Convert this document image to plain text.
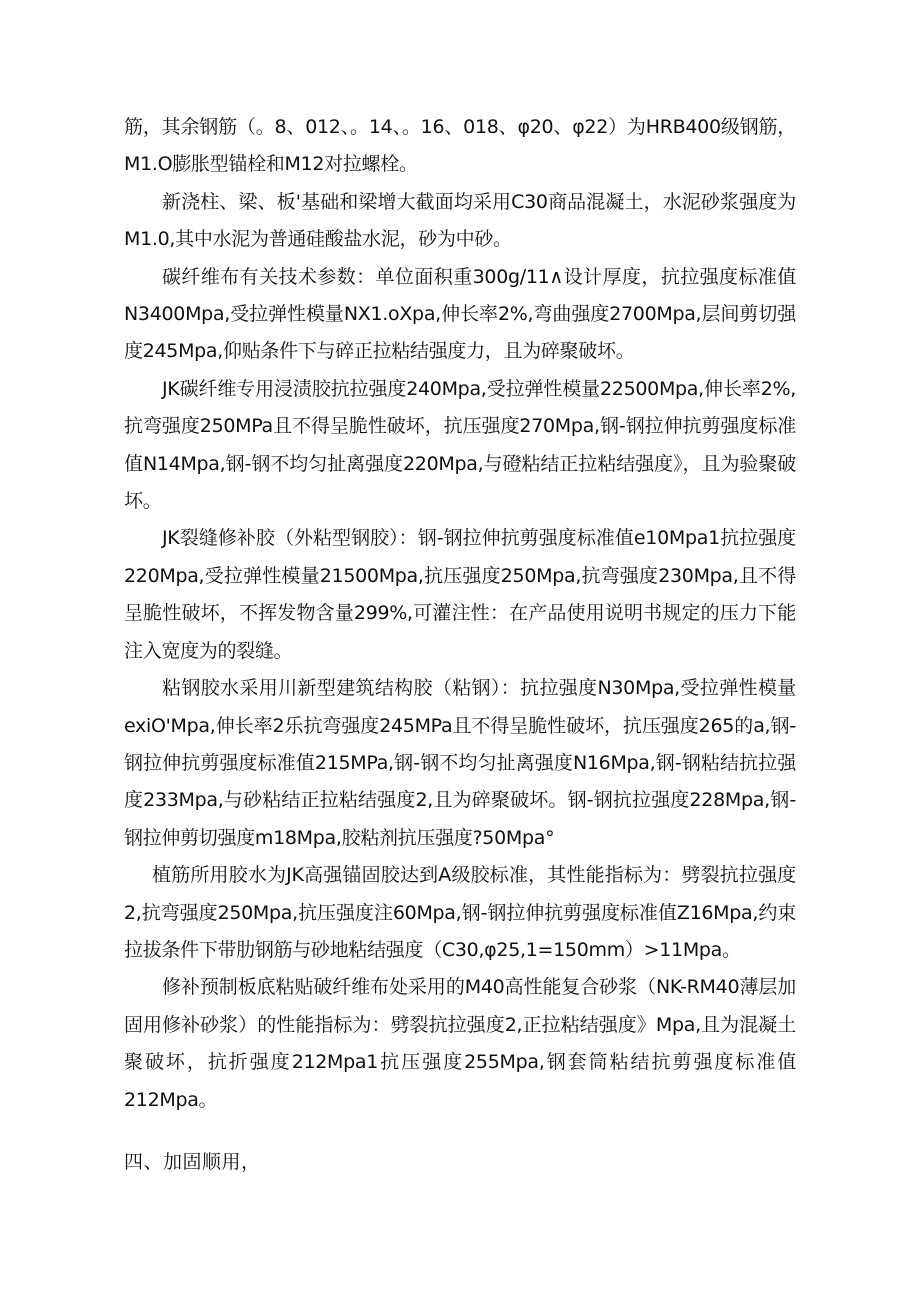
筋，其余钢筋（。8、012、。14、。16、018、φ20、φ22）为HRB400级钢筋，M1.O膨胀型锚栓和M12对拉螺栓。

新浇柱、梁、板'基础和梁增大截面均采用C30商品混凝土，水泥砂浆强度为M1.0,其中水泥为普通硅酸盐水泥，砂为中砂。

碳纤维布有关技术参数：单位面积重300g∕11∧设计厚度，抗拉强度标准值N3400Mpa,受拉弹性模量NX1.oXpa,伸长率2%,弯曲强度2700Mpa,层间剪切强度245Mpa,仰贴条件下与碎正拉粘结强度力，且为碎聚破坏。

JK碳纤维专用浸渍胶抗拉强度240Mpa,受拉弹性模量22500Mpa,伸长率2%,抗弯强度250MPa且不得呈脆性破坏，抗压强度270Mpa,钢-钢拉伸抗剪强度标准值N14Mpa,钢-钢不均匀扯离强度220Mpa,与磴粘结正拉粘结强度》，且为验聚破坏。

JK裂缝修补胶（外粘型钢胶）：钢-钢拉伸抗剪强度标准值e10Mpa1抗拉强度220Mpa,受拉弹性模量21500Mpa,抗压强度250Mpa,抗弯强度230Mpa,且不得呈脆性破坏，不挥发物含量299%,可灌注性：在产品使用说明书规定的压力下能注入宽度为的裂缝。

粘钢胶水采用川新型建筑结构胶（粘钢）：抗拉强度N30Mpa,受拉弹性模量exiO'Mpa,伸长率2乐抗弯强度245MPa且不得呈脆性破坏，抗压强度265的a,钢-钢拉伸抗剪强度标准值215MPa,钢-钢不均匀扯离强度N16Mpa,钢-钢粘结抗拉强度233Mpa,与砂粘结正拉粘结强度2,且为碎聚破坏。钢-钢抗拉强度228Mpa,钢-钢拉伸剪切强度m18Mpa,胶粘剂抗压强度?50Mpa°

植筋所用胶水为JK高强锚固胶达到A级胶标准，其性能指标为：劈裂抗拉强度2,抗弯强度250Mpa,抗压强度注60Mpa,钢-钢拉伸抗剪强度标准值Z16Mpa,约束拉拔条件下带肋钢筋与砂地粘结强度（C30,φ25,1=150mm）>11Mpa。

修补预制板底粘贴破纤维布处采用的M40高性能复合砂浆（NK-RM40薄层加固用修补砂浆）的性能指标为：劈裂抗拉强度2,正拉粘结强度》Mpa,且为混凝土聚破坏，抗折强度212Mpa1抗压强度255Mpa,钢套筒粘结抗剪强度标准值212Mpa。

四、加固顺用，
